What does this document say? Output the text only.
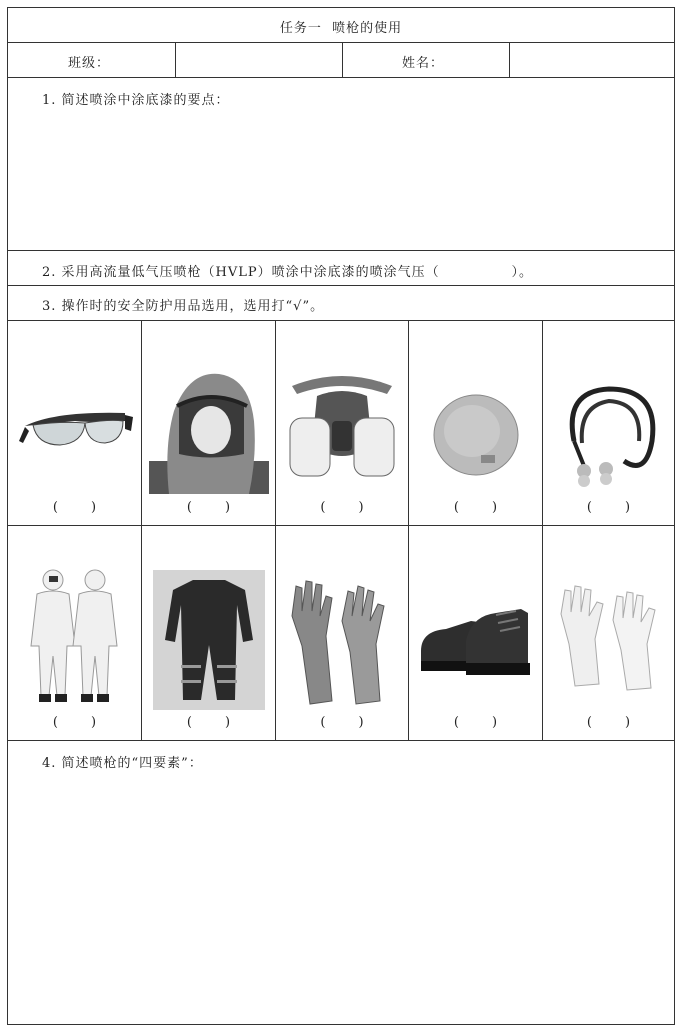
任务一  喷枪的使用
班级：	姓名：
1. 简述喷涂中涂底漆的要点：
2. 采用高流量低气压喷枪（HVLP）喷涂中涂底漆的喷涂气压（              ）。
3. 操作时的安全防护用品选用，选用打“√”。
(        )	(        )	(        )	(        )	(        )
(        )	(        )	(        )	(        )	(        )
4. 简述喷枪的“四要素”：
